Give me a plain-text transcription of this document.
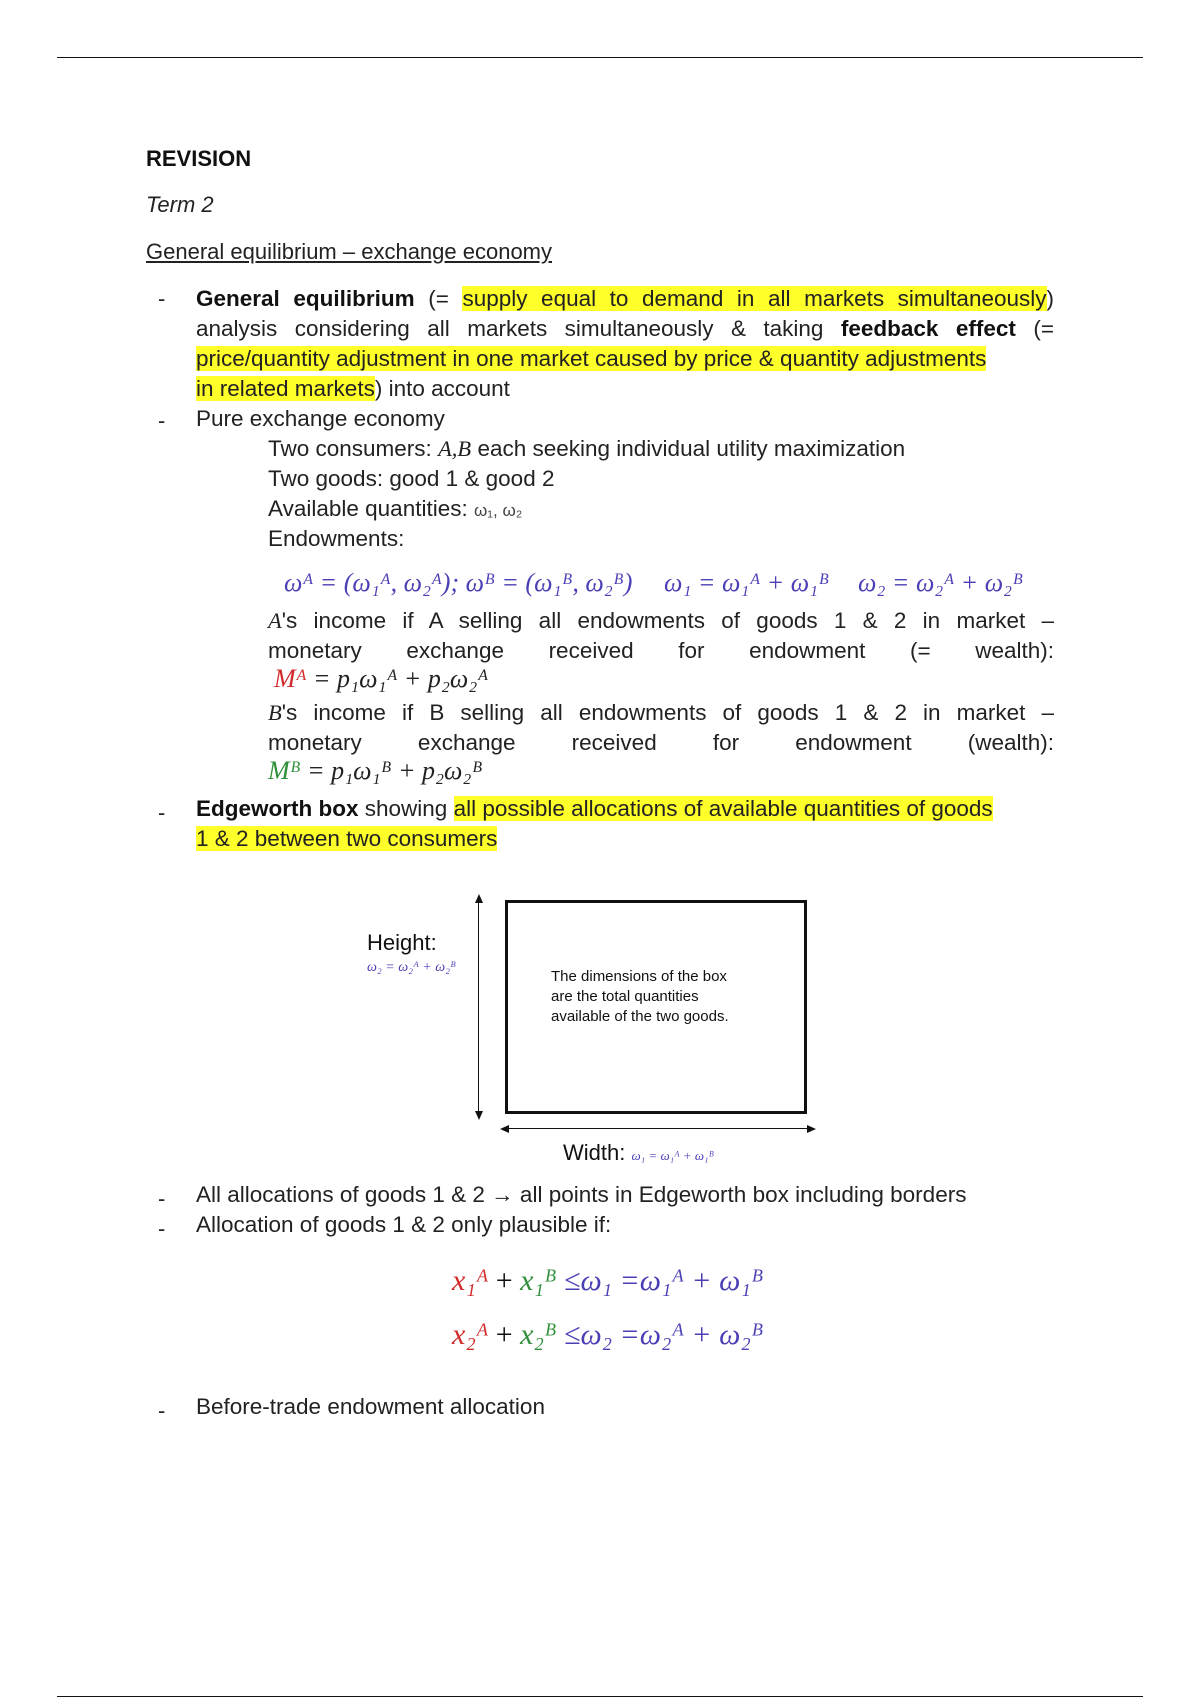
REVISION
Term 2
General equilibrium – exchange economy
- General equilibrium (= supply equal to demand in all markets simultaneously)
analysis considering all markets simultaneously & taking feedback effect (=
price/quantity adjustment in one market caused by price & quantity adjustments
in related markets) into account
- Pure exchange economy
Two consumers: A,B each seeking individual utility maximization
Two goods: good 1 & good 2
Available quantities: ω₁, ω₂
Endowments:
ωᴬ = (ω₁ᴬ, ω₂ᴬ); ωᴮ = (ω₁ᴮ, ω₂ᴮ) ω₁ = ω₁ᴬ + ω₁ᴮ ω₂ = ω₂ᴬ + ω₂ᴮ
A's income if A selling all endowments of goods 1 & 2 in market –
monetary exchange received for endowment (= wealth):
Mᴬ = p₁ω₁ᴬ + p₂ω₂ᴬ
B's income if B selling all endowments of goods 1 & 2 in market –
monetary exchange received for endowment (wealth):
Mᴮ = p₁ω₁ᴮ + p₂ω₂ᴮ
- Edgeworth box showing all possible allocations of available quantities of goods
1 & 2 between two consumers
Height:
ω₂ = ω₂ᴬ + ω₂ᴮ
The dimensions of the box
are the total quantities
available of the two goods.
Width: ω₁ = ω₁ᴬ + ω₁ᴮ
- All allocations of goods 1 & 2 → all points in Edgeworth box including borders
- Allocation of goods 1 & 2 only plausible if:
x₁ᴬ + x₁ᴮ ≤ω₁ =ω₁ᴬ + ω₁ᴮ
x₂ᴬ + x₂ᴮ ≤ω₂ =ω₂ᴬ + ω₂ᴮ
- Before-trade endowment allocation
